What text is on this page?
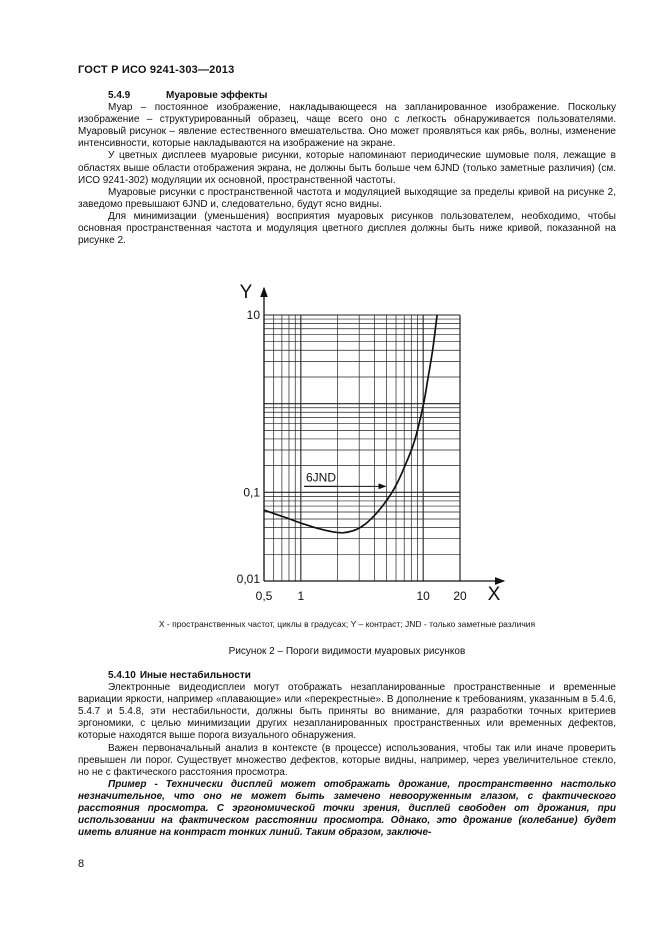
ГОСТ Р ИСО 9241-303—2013

5.4.9	Муаровые эффекты

Муар – постоянное изображение, накладывающееся на запланированное изображение. Поскольку изображение – структурированный образец, чаще всего оно с легкость обнаруживается пользователями. Муаровый рисунок – явление естественного вмешательства. Оно может проявляться как рябь, волны, изменение интенсивности, которые накладываются на изображение на экране.

У цветных дисплеев муаровые рисунки, которые напоминают периодические шумовые поля, лежащие в областях выше области отображения экрана, не должны быть больше чем 6JND (только заметные различия) (см. ИСО 9241-302) модуляции их основной, пространственной частоты.

Муаровые рисунки с пространственной частота и модуляцией выходящие за пределы кривой на рисунке 2, заведомо превышают 6JND и, следовательно, будут ясно видны.

Для минимизации (уменьшения) восприятия муаровых рисунков пользователем, необходимо, чтобы основная пространственная частота и модуляция цветного дисплея должны быть ниже кривой, показанной на рисунке 2.

Y
X
0,5 1	10 20
0,01
0,1
10
6JND
X - пространственных частот, циклы в градусах; Y – контраст; JND - только заметные различия
Рисунок 2 – Пороги видимости муаровых рисунков

5.4.10 Иные нестабильности

Электронные видеодисплеи могут отображать незапланированные пространственные и временные вариации яркости, например «плавающие» или «перекрестные». В дополнение к требованиям, указанным в 5.4.6, 5.4.7 и 5.4.8, эти нестабильности, должны быть приняты во внимание, для разработки точных критериев эргономики, с целью минимизации других незапланированных пространственных или временных дефектов, которые находятся выше порога визуального обнаружения.

Важен первоначальный анализ в контексте (в процессе) использования, чтобы так или иначе проверить превышен ли порог. Существует множество дефектов, которые видны, например, через увеличительное стекло, но не с фактического расстояния просмотра.

Пример - Технически дисплей может отображать дрожание, пространственно настолько незначительное, что оно не может быть замечено невооруженным глазом, с фактического расстояния просмотра. С эргономической точки зрения, дисплей свободен от дрожания, при использовании на фактическом расстоянии просмотра. Однако, это дрожание (колебание) будет иметь влияние на контраст тонких линий. Таким образом, заключе-

8
